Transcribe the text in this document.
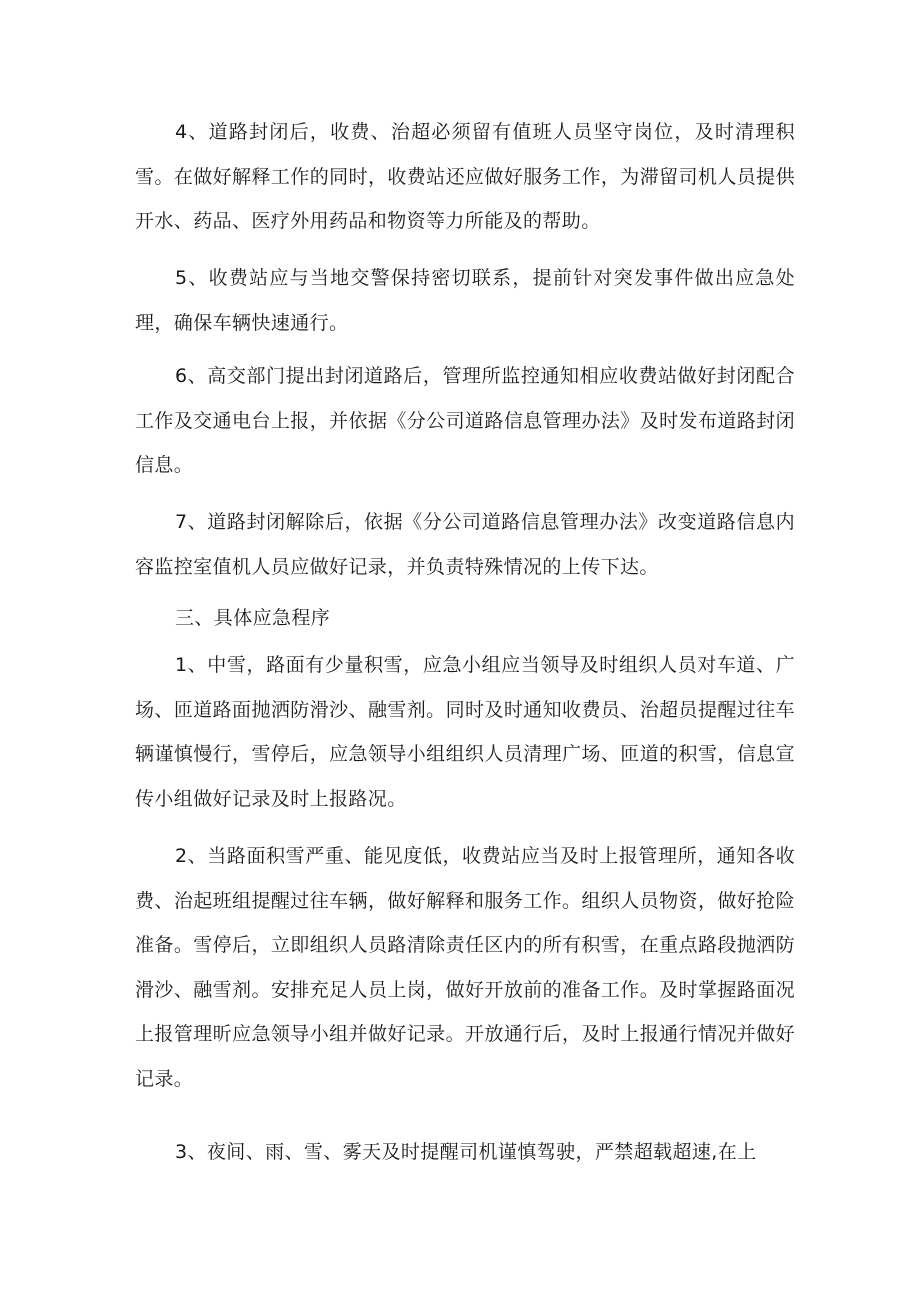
4、道路封闭后，收费、治超必须留有值班人员坚守岗位，及时清理积雪。在做好解释工作的同时，收费站还应做好服务工作，为滞留司机人员提供开水、药品、医疗外用药品和物资等力所能及的帮助。

5、收费站应与当地交警保持密切联系，提前针对突发事件做出应急处理，确保车辆快速通行。

6、高交部门提出封闭道路后，管理所监控通知相应收费站做好封闭配合工作及交通电台上报，并依据《分公司道路信息管理办法》及时发布道路封闭信息。

7、道路封闭解除后，依据《分公司道路信息管理办法》改变道路信息内容监控室值机人员应做好记录，并负责特殊情况的上传下达。

三、具体应急程序

1、中雪，路面有少量积雪，应急小组应当领导及时组织人员对车道、广场、匝道路面抛洒防滑沙、融雪剂。同时及时通知收费员、治超员提醒过往车辆谨慎慢行，雪停后，应急领导小组组织人员清理广场、匝道的积雪，信息宣传小组做好记录及时上报路况。

2、当路面积雪严重、能见度低，收费站应当及时上报管理所，通知各收费、治起班组提醒过往车辆，做好解释和服务工作。组织人员物资，做好抢险准备。雪停后，立即组织人员路清除责任区内的所有积雪，在重点路段抛洒防滑沙、融雪剂。安排充足人员上岗，做好开放前的准备工作。及时掌握路面况上报管理昕应急领导小组并做好记录。开放通行后，及时上报通行情况并做好记录。

3、夜间、雨、雪、雾天及时提醒司机谨慎驾驶，严禁超载超速,在上
